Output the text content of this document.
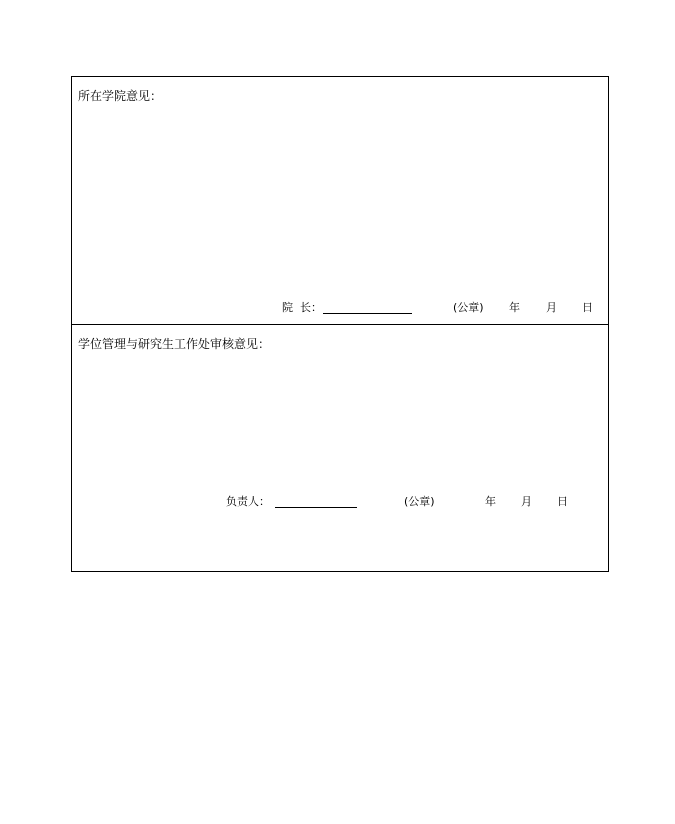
所在学院意见：
院  长：	(公章) 年 月 日
学位管理与研究生工作处审核意见：
负责人：	(公章)	年 月 日
